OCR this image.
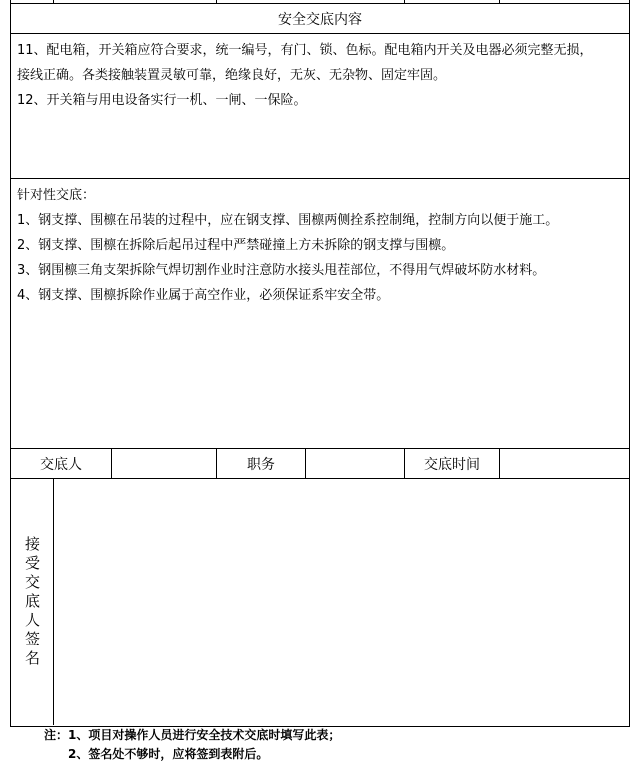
安全交底内容

11、配电箱，开关箱应符合要求，统一编号，有门、锁、色标。配电箱内开关及电器必须完整无损，

接线正确。各类接触装置灵敏可靠，绝缘良好，无灰、无杂物、固定牢固。

12、开关箱与用电设备实行一机、一闸、一保险。

针对性交底：

1、钢支撑、围檩在吊装的过程中，应在钢支撑、围檩两侧拴系控制绳，控制方向以便于施工。

2、钢支撑、围檩在拆除后起吊过程中严禁碰撞上方未拆除的钢支撑与围檩。

3、钢围檩三角支架拆除气焊切割作业时注意防水接头甩茬部位，不得用气焊破坏防水材料。

4、钢支撑、围檩拆除作业属于高空作业，必须保证系牢安全带。

交底人	职务	交底时间
接受交底人签名
注：1、项目对操作人员进行安全技术交底时填写此表；
2、签名处不够时，应将签到表附后。
